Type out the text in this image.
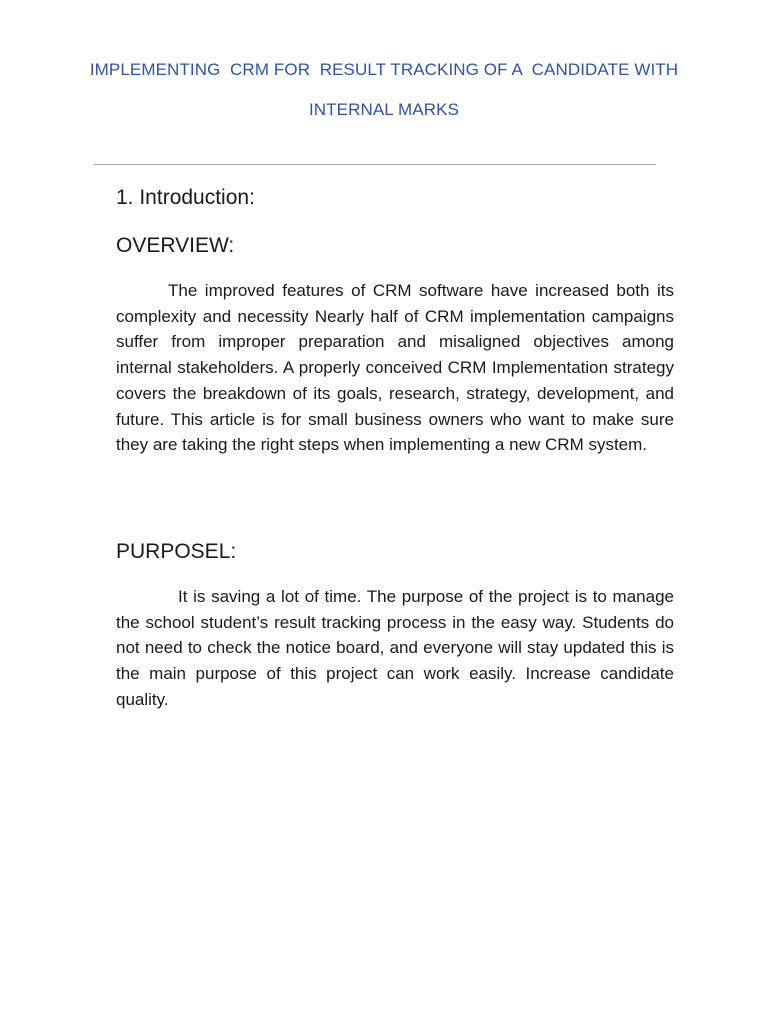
IMPLEMENTING  CRM FOR  RESULT TRACKING OF A  CANDIDATE WITH
INTERNAL MARKS
1. Introduction:
OVERVIEW:

The improved features of CRM software have increased both its complexity and necessity Nearly half of CRM implementation campaigns suffer from improper preparation and misaligned objectives among internal stakeholders. A properly conceived CRM Implementation strategy covers the breakdown of its goals, research, strategy, development, and future. This article is for small business owners who want to make sure they are taking the right steps when implementing a new CRM system.

PURPOSEL:

It is saving a lot of time. The purpose of the project is to manage the school student’s result tracking process in the easy way. Students do not need to check the notice board, and everyone will stay updated this is the main purpose of this project can work easily. Increase candidate quality.
